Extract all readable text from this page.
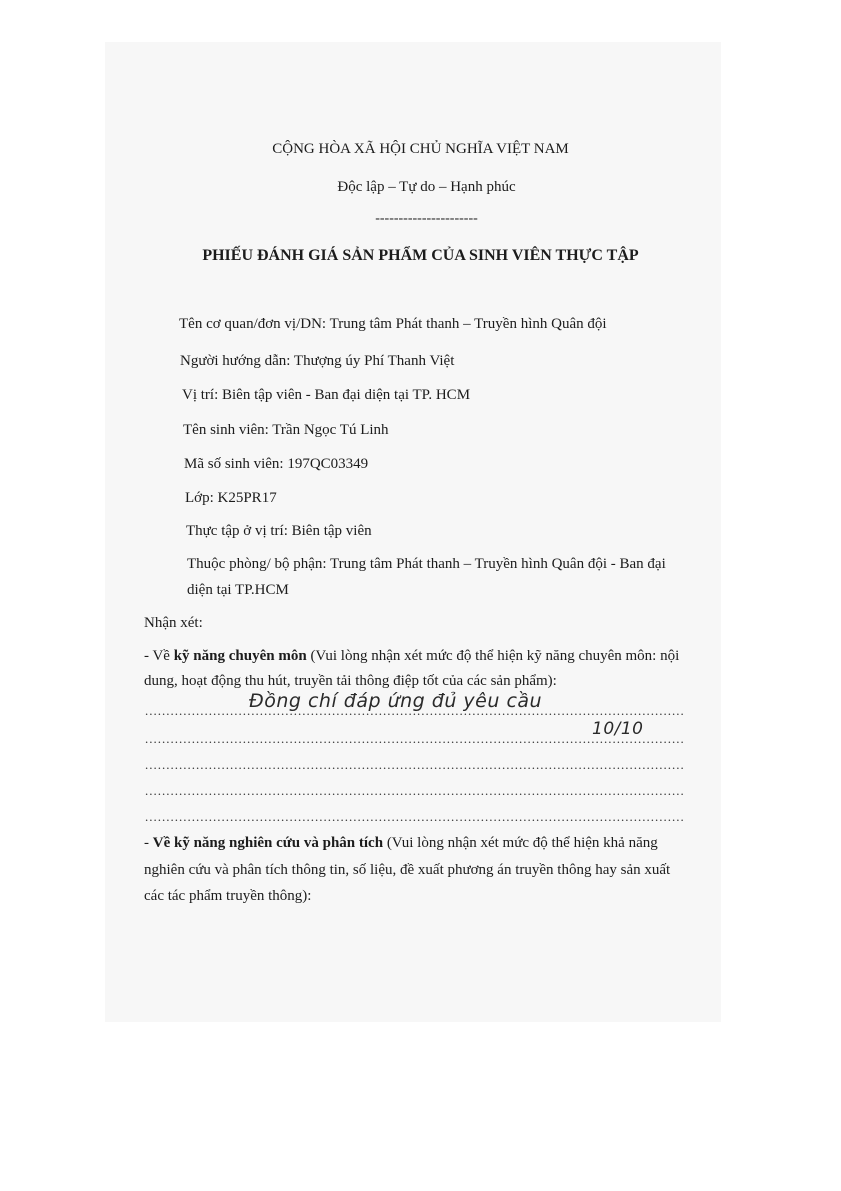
CỘNG HÒA XÃ HỘI CHỦ NGHĨA VIỆT NAM
Độc lập – Tự do – Hạnh phúc
----------------------
PHIẾU ĐÁNH GIÁ SẢN PHẨM CỦA SINH VIÊN THỰC TẬP
Tên cơ quan/đơn vị/DN: Trung tâm Phát thanh – Truyền hình Quân đội
Người hướng dẫn: Thượng úy Phí Thanh Việt
Vị trí: Biên tập viên - Ban đại diện tại TP. HCM
Tên sinh viên: Trần Ngọc Tú Linh
Mã số sinh viên: 197QC03349
Lớp: K25PR17
Thực tập ở vị trí: Biên tập viên
Thuộc phòng/ bộ phận: Trung tâm Phát thanh – Truyền hình Quân đội - Ban đại
diện tại TP.HCM
Nhận xét:
- Về kỹ năng chuyên môn (Vui lòng nhận xét mức độ thể hiện kỹ năng chuyên môn: nội
dung, hoạt động thu hút, truyền tải thông điệp tốt của các sản phẩm):
.....
Đồng chí đáp ứng đủ yêu cầu
.....
10/10
.....
.....
.....
- Về kỹ năng nghiên cứu và phân tích (Vui lòng nhận xét mức độ thể hiện khả năng
nghiên cứu và phân tích thông tin, số liệu, đề xuất phương án truyền thông hay sản xuất
các tác phẩm truyền thông):
